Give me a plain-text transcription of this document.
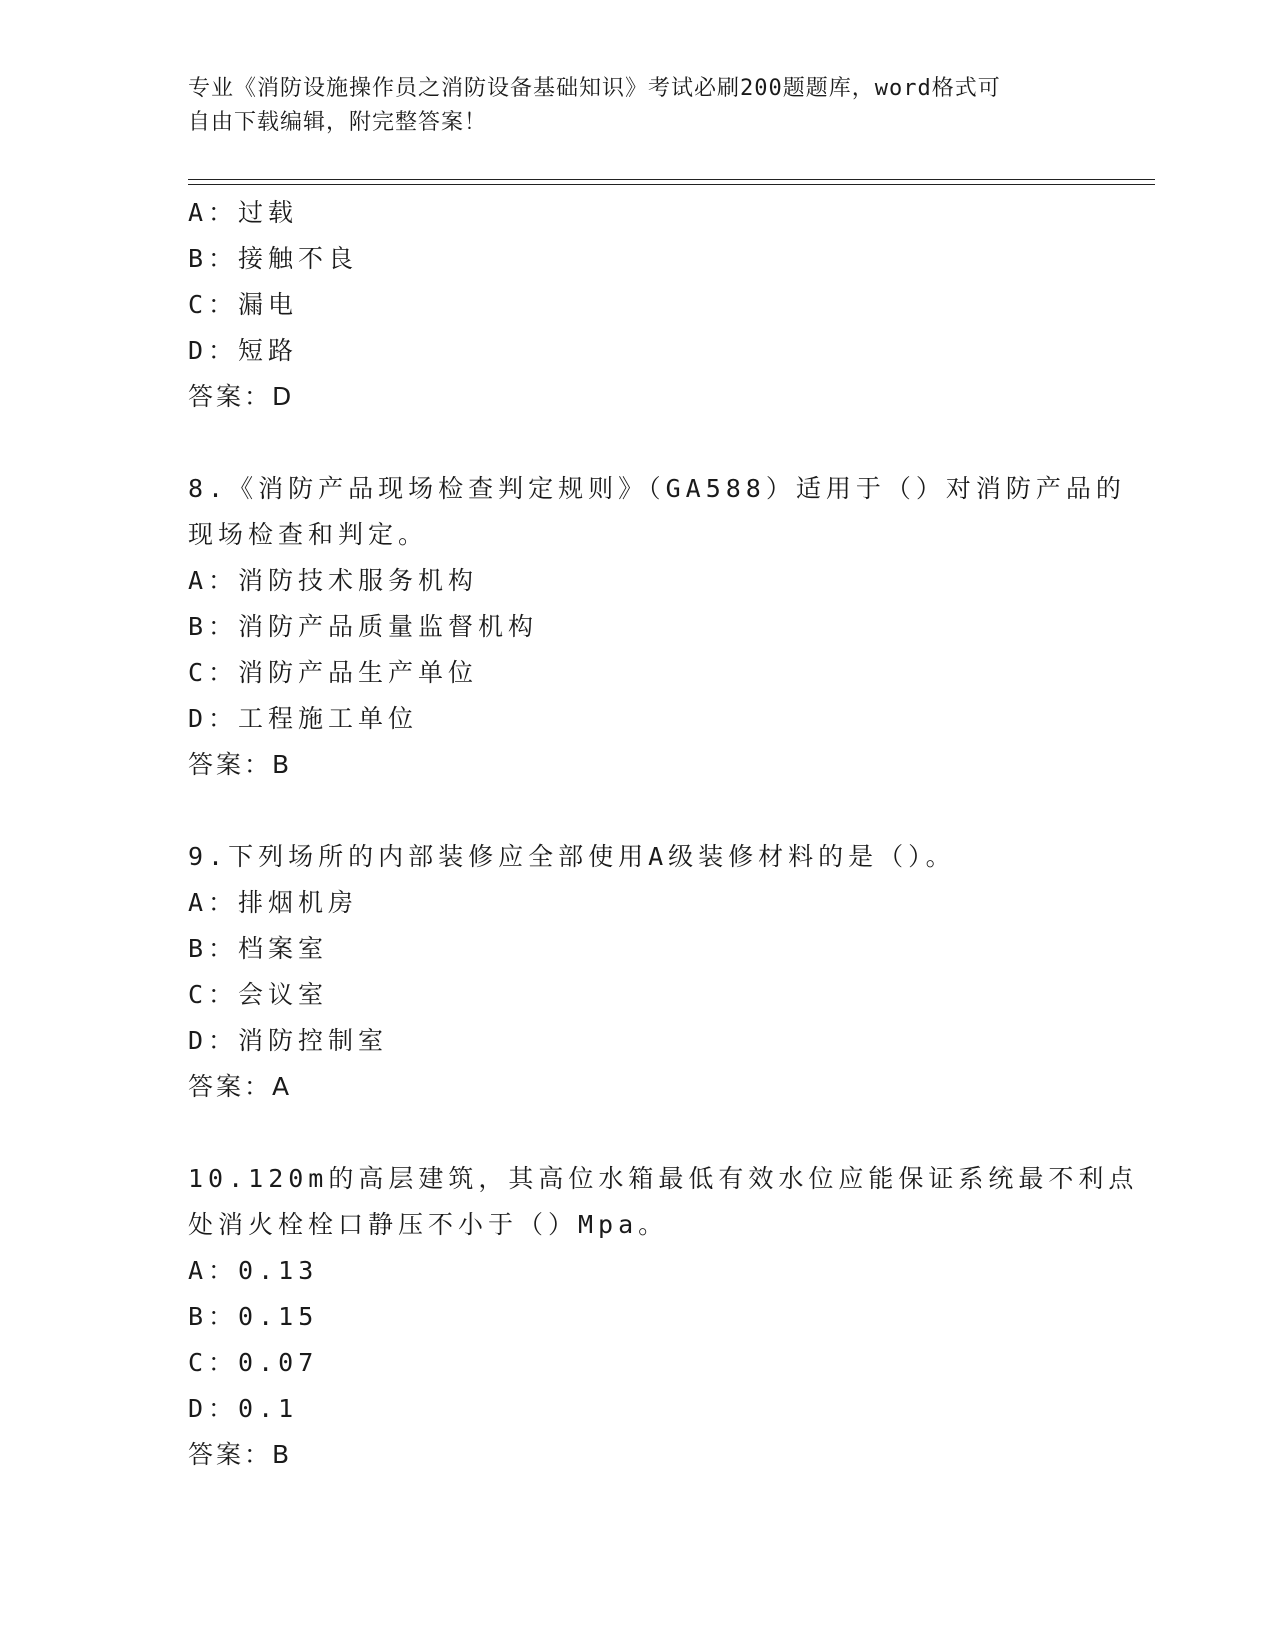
专业《消防设施操作员之消防设备基础知识》考试必刷200题题库，word格式可
自由下载编辑，附完整答案！
A：过载
B：接触不良
C：漏电
D：短路
答案：D
8.《消防产品现场检查判定规则》（GA588）适用于（）对消防产品的
现场检查和判定。
A：消防技术服务机构
B：消防产品质量监督机构
C：消防产品生产单位
D：工程施工单位
答案：B
9.下列场所的内部装修应全部使用A级装修材料的是（）。
A：排烟机房
B：档案室
C：会议室
D：消防控制室
答案：A
10.120m的高层建筑，其高位水箱最低有效水位应能保证系统最不利点
处消火栓栓口静压不小于（）Mpa。
A：0.13
B：0.15
C：0.07
D：0.1
答案：B
